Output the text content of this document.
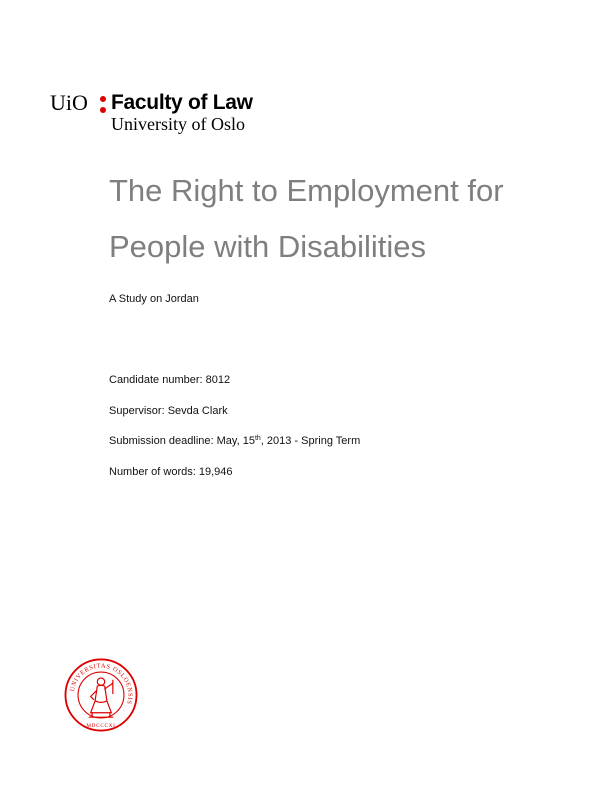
UiO Faculty of Law
University of Oslo
The Right to Employment for
People with Disabilities
A Study on Jordan
Candidate number: 8012
Supervisor: Sevda Clark
Submission deadline: May, 15th, 2013 - Spring Term
Number of words: 19,946
UNIVERSITAS OSLOENSIS
MDCCCXI
